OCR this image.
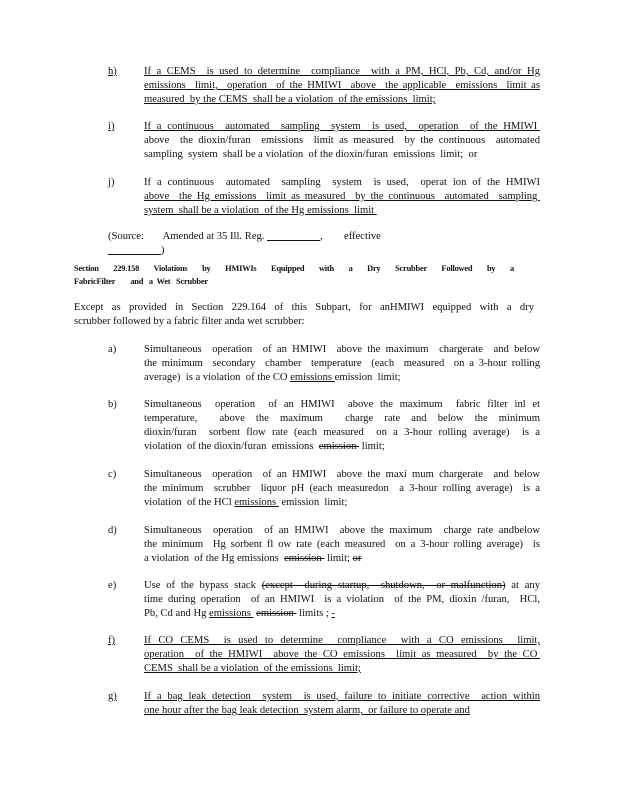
h)	If a CEMS  is used to determine  compliance  with a PM, HCl, Pb, Cd, and/or Hg
emissions  limit,  operation  of the HMIWI  above  the applicable  emissions  limit as
measured  by the CEMS  shall be a violation  of the emissions  limit;
i)	If a continuous  automated  sampling  system  is used,  operation  of the HMIWI
above  the dioxin/furan  emissions  limit as measured  by the continuous  automated
sampling  system  shall be a violation  of the dioxin/furan  emissions  limit;  or
j)	If a continuous  automated  sampling  system  is used,  operat ion of the HMIWI
above  the Hg emissions  limit as measured  by the continuous  automated  sampling
system  shall be a violation  of the Hg emissions  limit
(Source: Amended at 35 Ill. Reg. __________, effective  __________)
Section 229.158 Violations by HMIWIs Equipped with a Dry Scrubber Followed by a
FabricFilter        and   a  Wet   Scrubber
Except as provided in Section 229.164 of this Subpart, for anHMIWI equipped with a dry
scrubber followed by a fabric filter anda wet scrubber:
a)	Simultaneous  operation  of an HMIWI  above the maximum  chargerate  and below
the minimum  secondary  chamber  temperature  (each  measured  on a 3-hour rolling
average)  is a violation  of the CO emissions emission  limit;
b)	Simultaneous  operation  of an HMIWI  above the maximum  fabric filter inl et
temperature,  above the maximum  charge rate and below the minimum
dioxin/furan  sorbent flow rate (each measured  on a 3-hour rolling average)  is a
violation  of the dioxin/furan  emissions  emission  limit;
c)	Simultaneous  operation  of an HMIWI  above the maxi mum chargerate  and below
the minimum  scrubber  liquor pH (each measuredon  a 3-hour rolling average)  is a
violation  of the HCl emissions  emission  limit;
d)	Simultaneous  operation  of an HMIWI  above the maximum  charge rate andbelow
the minimum  Hg sorbent fl ow rate (each measured  on a 3-hour rolling average)  is
a violation  of the Hg emissions  emission  limit; or
e)	Use of the bypass stack (except  during startup,  shutdown,  or malfunction) at any
time during operation  of an HMIWI  is a violation  of the PM, dioxin /furan,  HCl,
Pb, Cd and Hg emissions  emission  limits ; -
f)	If CO CEMS  is used to determine  compliance  with a CO emissions  limit,
operation  of the HMIWI  above the CO emissions  limit as measured  by the CO
CEMS  shall be a violation  of the emissions  limit;
g)	If a bag leak detection  system  is used, failure to initiate corrective  action within
one hour after the bag leak detection  system alarm,  or failure to operate and
